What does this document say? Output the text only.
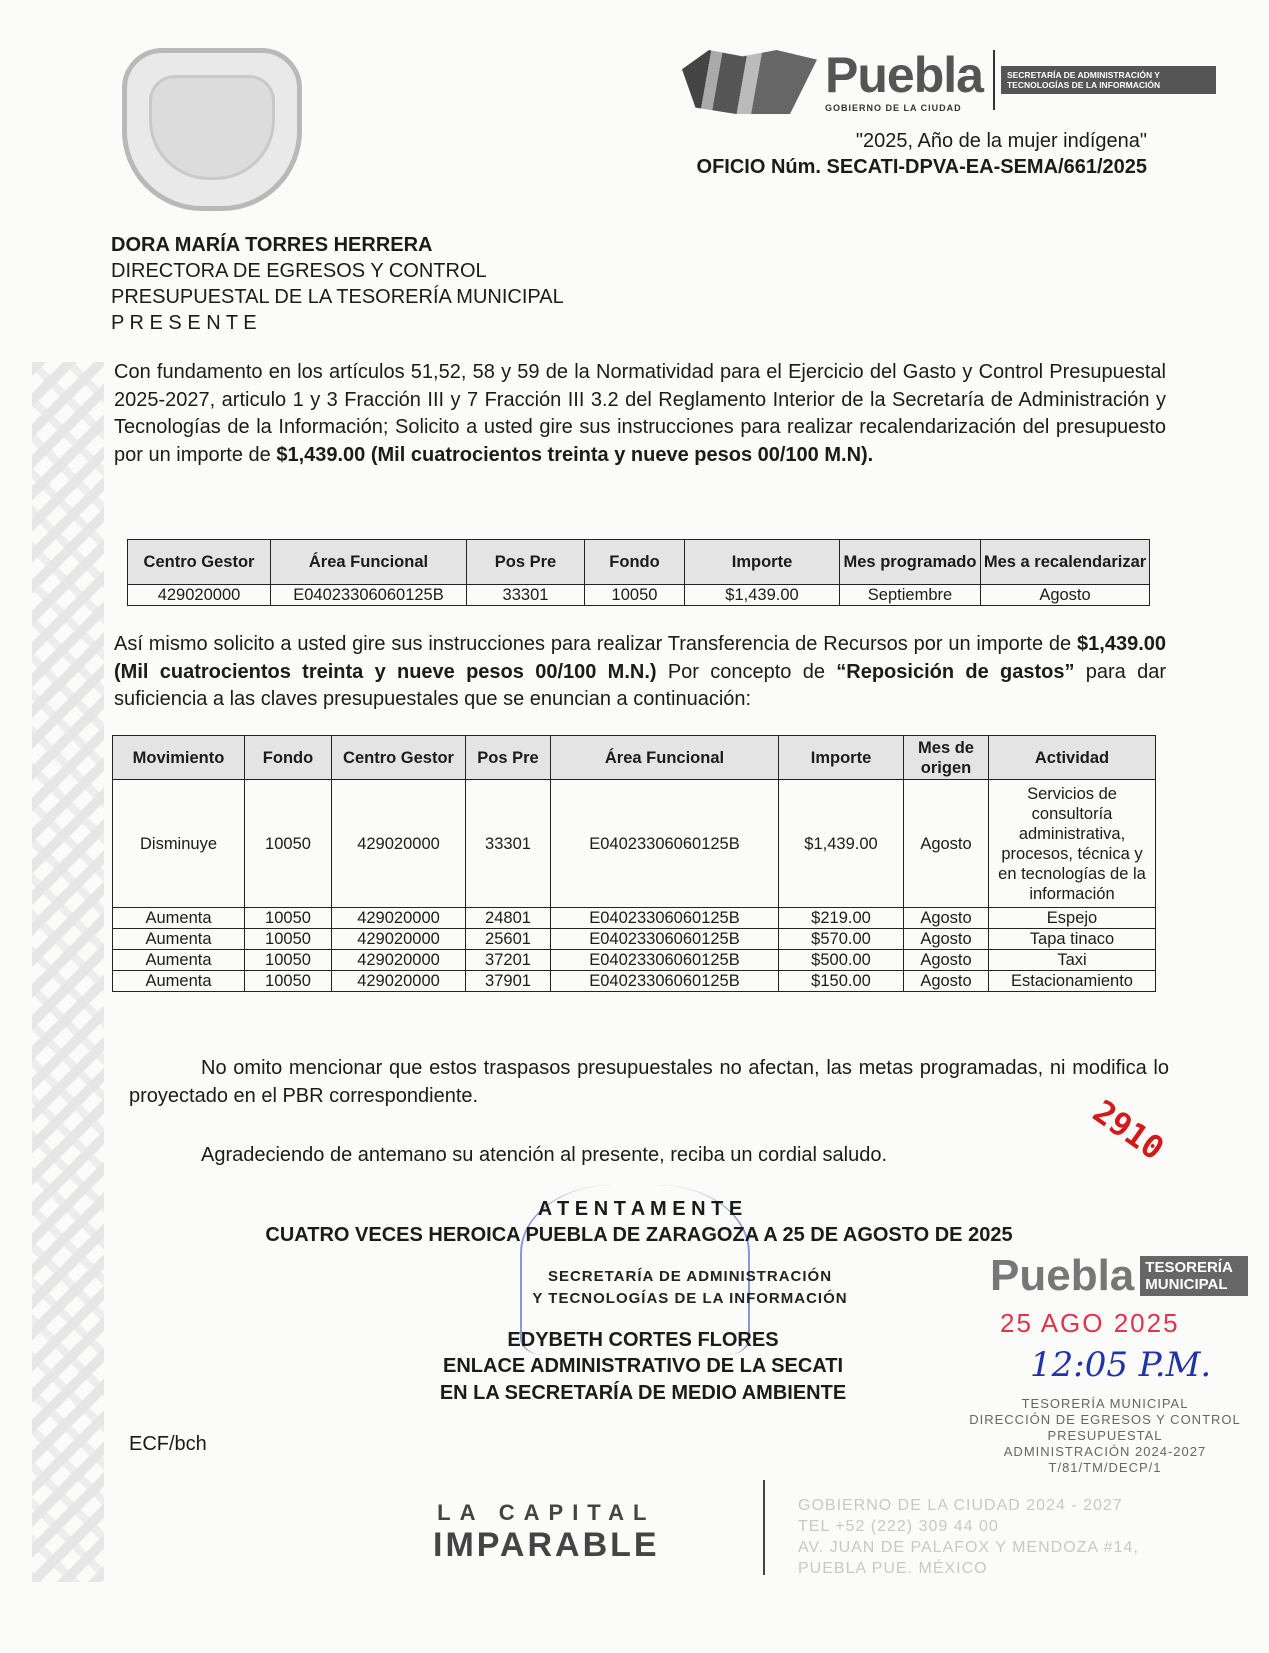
Puebla
GOBIERNO DE LA CIUDAD
SECRETARÍA DE ADMINISTRACIÓN Y TECNOLOGÍAS DE LA INFORMACIÓN
"2025, Año de la mujer indígena"
OFICIO Núm. SECATI-DPVA-EA-SEMA/661/2025
DORA MARÍA TORRES HERRERA
DIRECTORA DE EGRESOS Y CONTROL
PRESUPUESTAL DE LA TESORERÍA MUNICIPAL
P R E S E N T E
Con fundamento en los artículos 51,52, 58 y 59 de la Normatividad para el Ejercicio del Gasto y Control Presupuestal 2025-2027, articulo 1 y 3 Fracción III y 7 Fracción III 3.2 del Reglamento Interior de la Secretaría de Administración y Tecnologías de la Información; Solicito a usted gire sus instrucciones para realizar recalendarización del presupuesto por un importe de $1,439.00 (Mil cuatrocientos treinta y nueve pesos 00/100 M.N).
Centro Gestor	Área Funcional	Pos Pre	Fondo	Importe	Mes programado	Mes a recalendarizar
429020000	E04023306060125B	33301	10050	$1,439.00	Septiembre	Agosto
Así mismo solicito a usted gire sus instrucciones para realizar Transferencia de Recursos por un importe de $1,439.00 (Mil cuatrocientos treinta y nueve pesos 00/100 M.N.) Por concepto de “Reposición de gastos” para dar suficiencia a las claves presupuestales que se enuncian a continuación:
Movimiento	Fondo	Centro Gestor	Pos Pre	Área Funcional	Importe	Mes de origen	Actividad
Disminuye	10050	429020000	33301	E04023306060125B	$1,439.00	Agosto	Servicios de consultoría administrativa, procesos, técnica y en tecnologías de la información
Aumenta	10050	429020000	24801	E04023306060125B	$219.00	Agosto	Espejo
Aumenta	10050	429020000	25601	E04023306060125B	$570.00	Agosto	Tapa tinaco
Aumenta	10050	429020000	37201	E04023306060125B	$500.00	Agosto	Taxi
Aumenta	10050	429020000	37901	E04023306060125B	$150.00	Agosto	Estacionamiento
No omito mencionar que estos traspasos presupuestales no afectan, las metas programadas, ni modifica lo proyectado en el PBR correspondiente.
Agradeciendo de antemano su atención al presente, reciba un cordial saludo.
A T E N T A M E N T E
CUATRO VECES HEROICA PUEBLA DE ZARAGOZA A 25 DE AGOSTO DE 2025
SECRETARÍA DE ADMINISTRACIÓN
Y TECNOLOGÍAS DE LA INFORMACIÓN
EDYBETH CORTES FLORES
ENLACE ADMINISTRATIVO DE LA SECATI
EN LA SECRETARÍA DE MEDIO AMBIENTE
2910
Puebla TESORERÍA MUNICIPAL
25 AGO 2025
12:05 P.M.
TESORERÍA MUNICIPAL
DIRECCIÓN DE EGRESOS Y CONTROL
PRESUPUESTAL
ADMINISTRACIÓN 2024-2027
T/81/TM/DECP/1
ECF/bch
LA CAPITAL
IMPARABLE
GOBIERNO DE LA CIUDAD 2024 - 2027
TEL +52 (222) 309 44 00
AV. JUAN DE PALAFOX Y MENDOZA #14,
PUEBLA PUE. MÉXICO
